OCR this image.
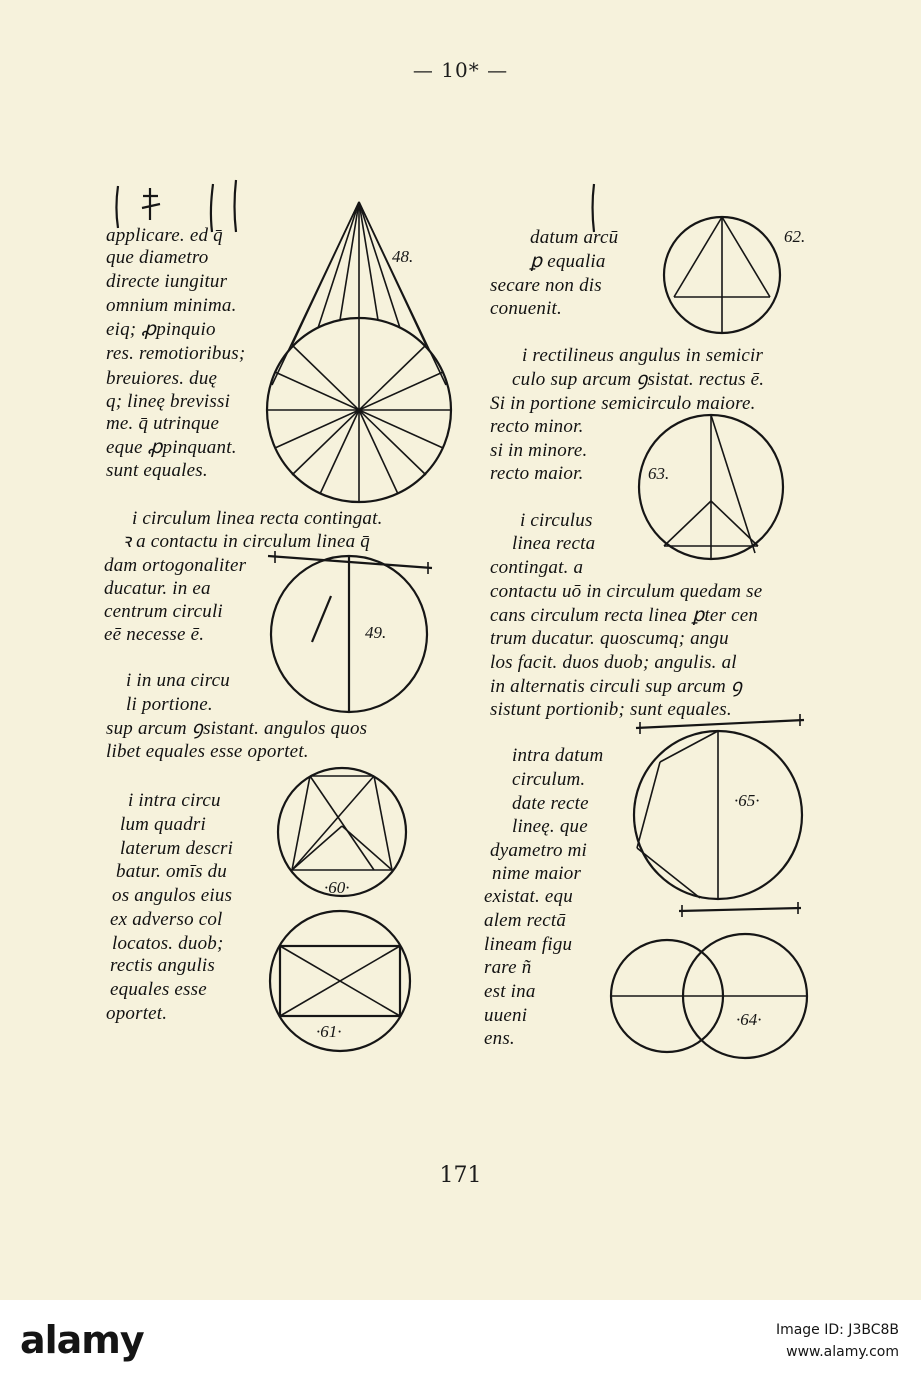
— 10* —
48.
49.
·60·
·61·
62.
63.
·65·
·64·
applicare. ed q̄
que diametro
directe iungitur
omnium minima.
eiq; ꝓpinquio
res. remotioribus;
breuiores. duę
q; lineę brevissi
me. q̄ utrinque
eque ꝓpinquant.
sunt equales.
i circulum linea recta contingat.
ꝛ a contactu in circulum linea q̄
dam ortogonaliter
ducatur. in ea
centrum circuli
eē necesse ē.
i in una circu
li portione.
sup arcum ꝯsistant. angulos quos
libet equales esse oportet.
i intra circu
lum quadri
laterum descri
batur. omīs du
os angulos eius
ex adverso col
locatos. duob;
rectis angulis
equales esse
oportet.
datum arcū
ꝑ equalia
secare non dis
conuenit.
i rectilineus angulus in semicir
culo sup arcum ꝯsistat. rectus ē.
Si in portione semicirculo maiore.
recto minor.
si in minore.
recto maior.
i circulus
linea recta
contingat. a
contactu uō in circulum quedam se
cans circulum recta linea ꝑter cen
trum ducatur. quoscumq; angu
los facit. duos duob; angulis. al
in alternatis circuli sup arcum ꝯ
sistunt portionib; sunt equales.
intra datum
circulum.
date recte
lineę. que
dyametro mi
nime maior
existat. equ
alem rectā
lineam figu
rare ñ
est ina
uueni
ens.
171
alamy	Image ID: J3BC8B
www.alamy.com
